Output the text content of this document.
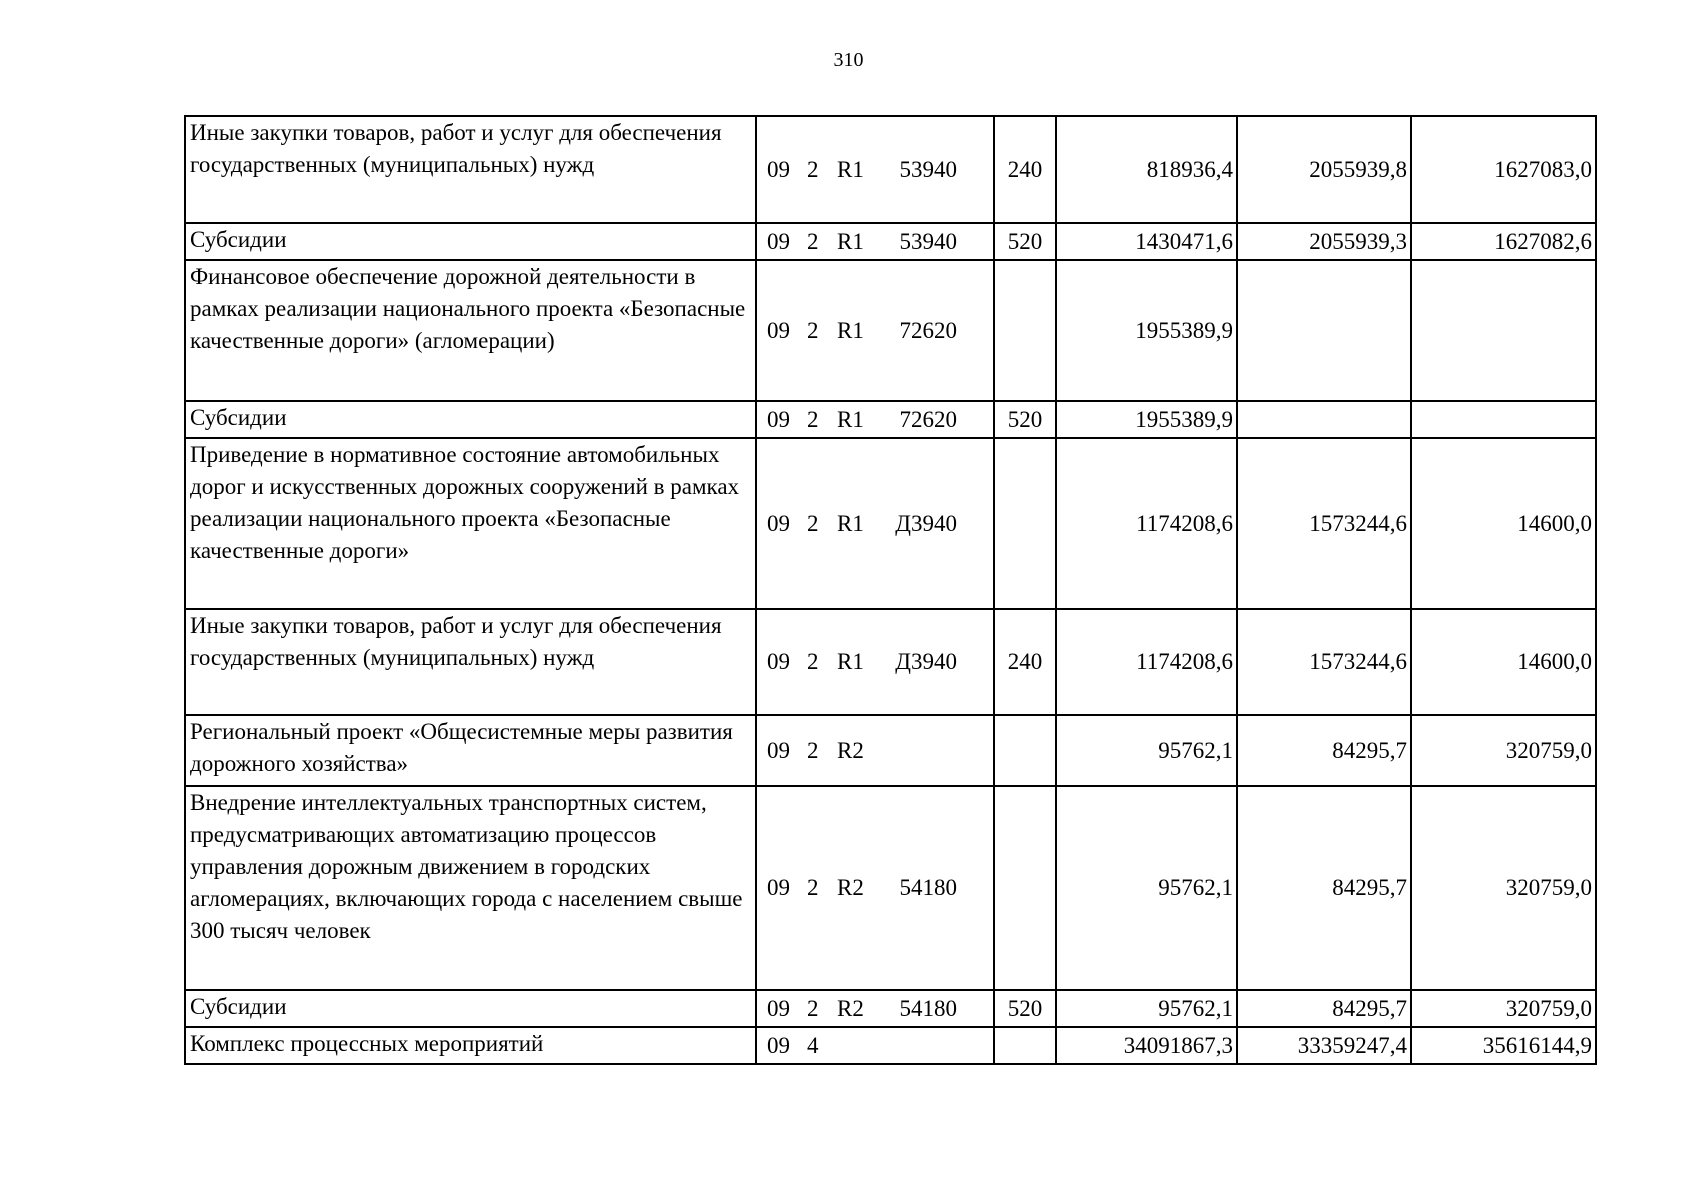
310
Иные закупки товаров, работ и услуг для обеспечения государственных (муниципальных) нужд	09 2 R1 53940	240	818936,4	2055939,8	1627083,0
Субсидии	09 2 R1 53940	520	1430471,6	2055939,3	1627082,6
Финансовое обеспечение дорожной деятельности в рамках реализации национального проекта «Безопасные качественные дороги» (агломерации)	09 2 R1 72620		1955389,9		
Субсидии	09 2 R1 72620	520	1955389,9		
Приведение в нормативное состояние автомобильных дорог и искусственных дорожных сооружений в рамках реализации национального проекта «Безопасные качественные дороги»	09 2 R1 Д3940		1174208,6	1573244,6	14600,0
Иные закупки товаров, работ и услуг для обеспечения государственных (муниципальных) нужд	09 2 R1 Д3940	240	1174208,6	1573244,6	14600,0
Региональный проект «Общесистемные меры развития дорожного хозяйства»	09 2 R2		95762,1	84295,7	320759,0
Внедрение интеллектуальных транспортных систем, предусматривающих автоматизацию процессов управления дорожным движением в городских агломерациях, включающих города с населением свыше 300 тысяч человек	09 2 R2 54180		95762,1	84295,7	320759,0
Субсидии	09 2 R2 54180	520	95762,1	84295,7	320759,0
Комплекс процессных мероприятий	09 4		34091867,3	33359247,4	35616144,9
